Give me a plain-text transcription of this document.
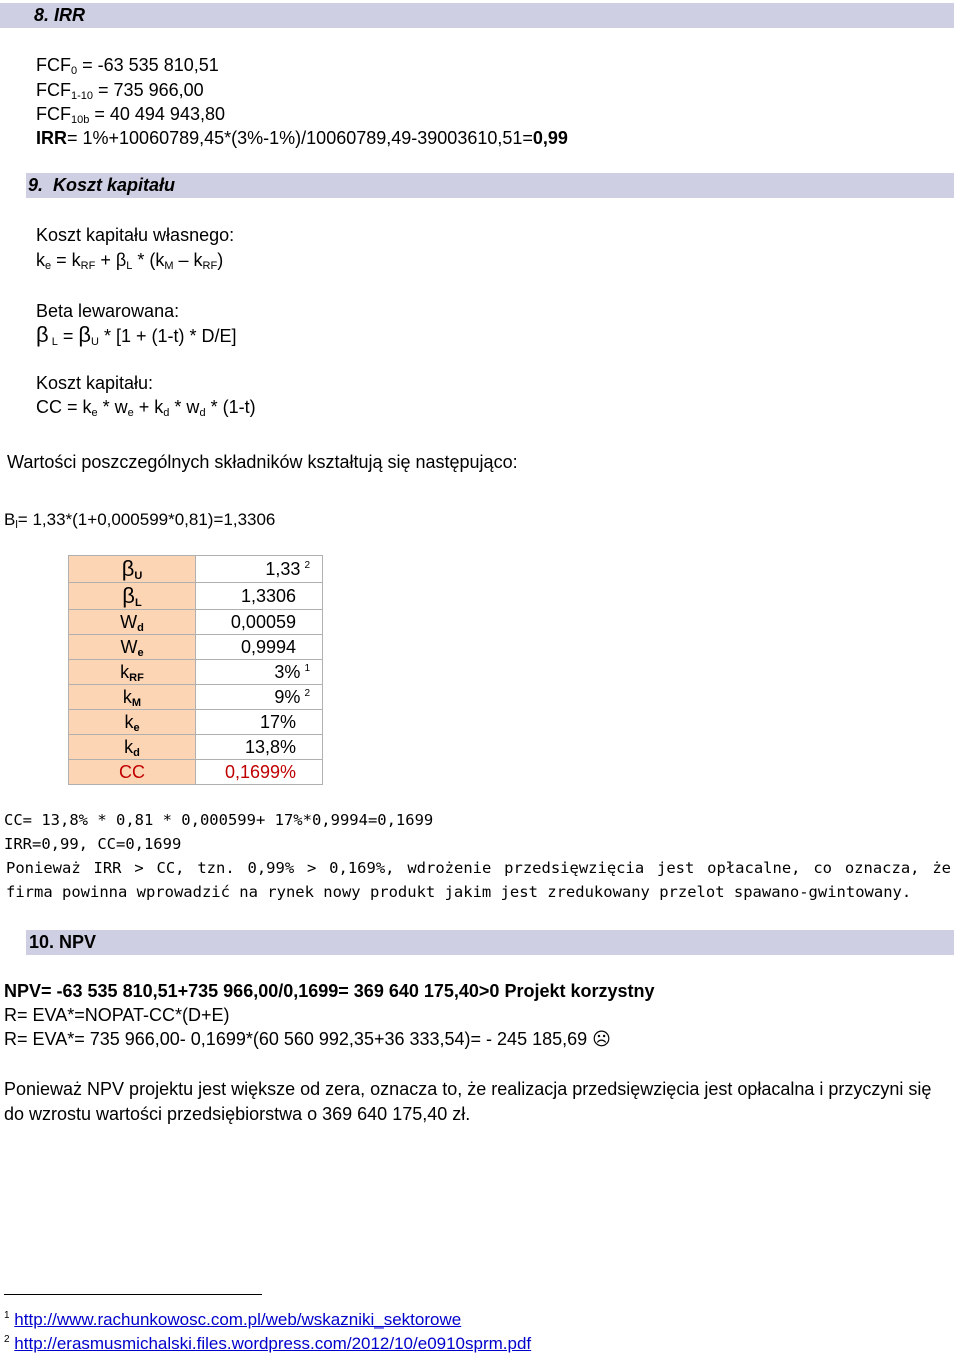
8. IRR
$FCF_0 = -63$ 535 810,51
$FCF_{1-10} = 735$ 966,00
$FCF_{10b} = 40$ 494 943,80
IRR= 1%+10060789,45*(3%-1%)/10060789,49-39003610,51=0,99
9.  Koszt kapitału
Koszt kapitału własnego:
$k_e = k_{RF} + \beta_L * (k_M - k_{RF})$
Beta lewarowana:
β $_L = \beta_U * [1 + (1-t) * D/E]$
Koszt kapitału:
CC = $k_e * w_e + k_d * w_d * (1-t)$
Wartości poszczególnych składników kształtują się następująco:
$B_l= 1,33*(1+0,000599*0,81)=1,3306$
$\beta_U$	1,33 $^2$
$\beta_L$	1,3306
$W_d$	0,00059
$W_e$	0,9994
$k_{RF}$	3% $^1$
$k_M$	9% $^2$
$k_e$	17%
$k_d$	13,8%
CC	0,1699%
CC= 13,8% * 0,81 * 0,000599+ 17%*0,9994=0,1699
IRR=0,99, CC=0,1699
Ponieważ IRR > CC, tzn. 0,99% > 0,169%, wdrożenie przedsięwzięcia jest opłacalne, co oznacza, że firma powinna wprowadzić na rynek nowy produkt jakim jest zredukowany przelot spawano-gwintowany.
10. NPV
NPV= -63 535 810,51+735 966,00/0,1699= 369 640 175,40>0 Projekt korzystny
R= EVA*=NOPAT-CC*(D+E)
R= EVA*= 735 966,00- 0,1699*(60 560 992,35+36 333,54)= - 245 185,69 ☹
Ponieważ NPV projektu jest większe od zera, oznacza to, że realizacja przedsięwzięcia jest opłacalna i przyczyni się do wzrostu wartości przedsiębiorstwa o 369 640 175,40 zł.
$^1$ http://www.rachunkowosc.com.pl/web/wskazniki_sektorowe
$^2$ http://erasmusmichalski.files.wordpress.com/2012/10/e0910sprm.pdf
